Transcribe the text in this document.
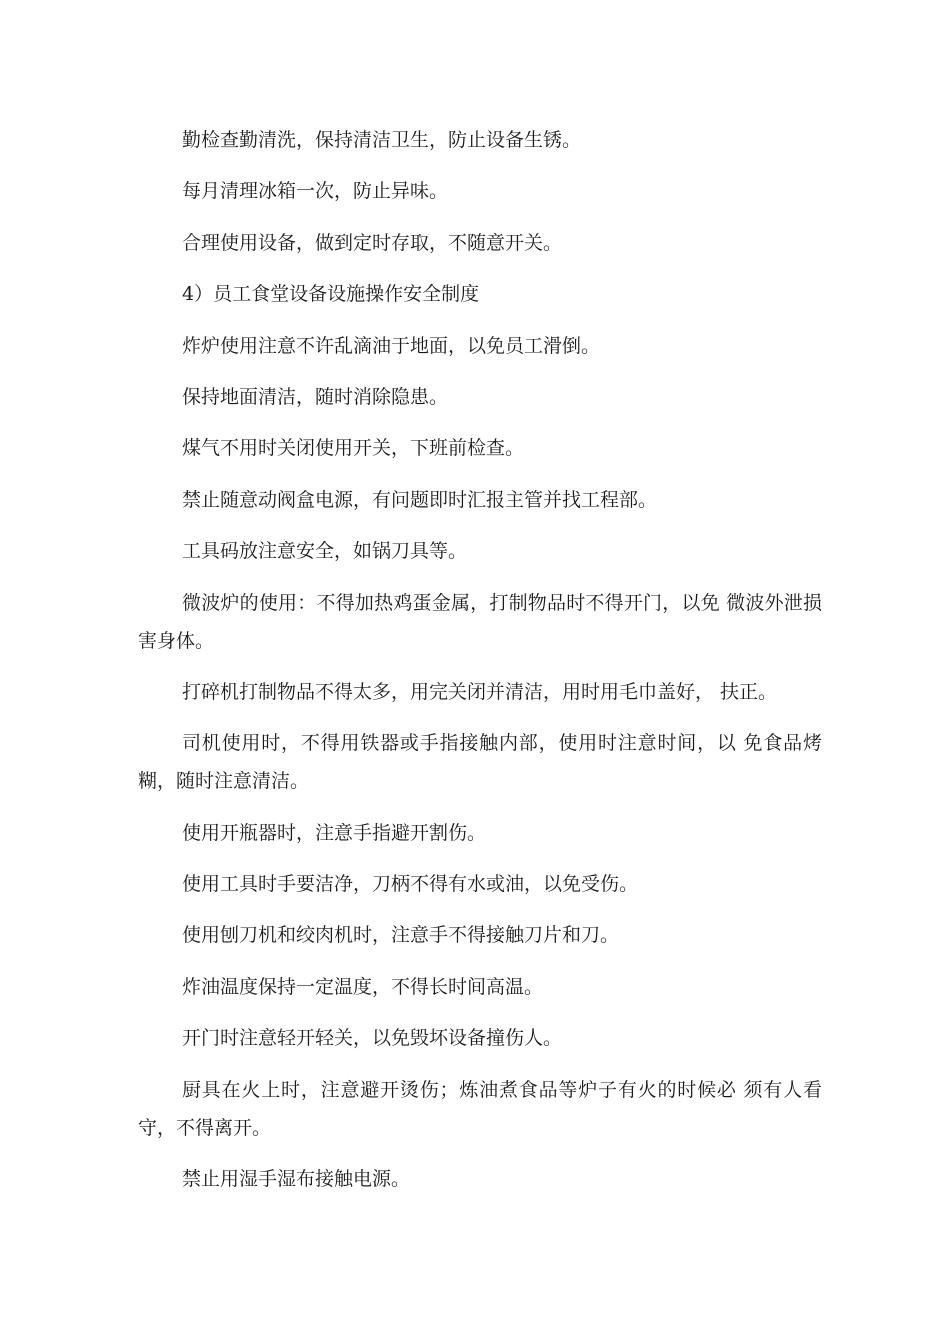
勤检查勤清洗，保持清洁卫生，防止设备生锈。

每月清理冰箱一次，防止异味。

合理使用设备，做到定时存取，不随意开关。

4）员工食堂设备设施操作安全制度

炸炉使用注意不许乱滴油于地面，以免员工滑倒。

保持地面清洁，随时消除隐患。

煤气不用时关闭使用开关，下班前检查。

禁止随意动阀盒电源，有问题即时汇报主管并找工程部。

工具码放注意安全，如锅刀具等。

微波炉的使用：不得加热鸡蛋金属，打制物品时不得开门，以免 微波外泄损害身体。

打碎机打制物品不得太多，用完关闭并清洁，用时用毛巾盖好， 扶正。

司机使用时，不得用铁器或手指接触内部，使用时注意时间，以 免食品烤糊，随时注意清洁。

使用开瓶器时，注意手指避开割伤。

使用工具时手要洁净，刀柄不得有水或油，以免受伤。

使用刨刀机和绞肉机时，注意手不得接触刀片和刀。

炸油温度保持一定温度，不得长时间高温。

开门时注意轻开轻关，以免毁坏设备撞伤人。

厨具在火上时，注意避开烫伤；炼油煮食品等炉子有火的时候必 须有人看守，不得离开。

禁止用湿手湿布接触电源。
